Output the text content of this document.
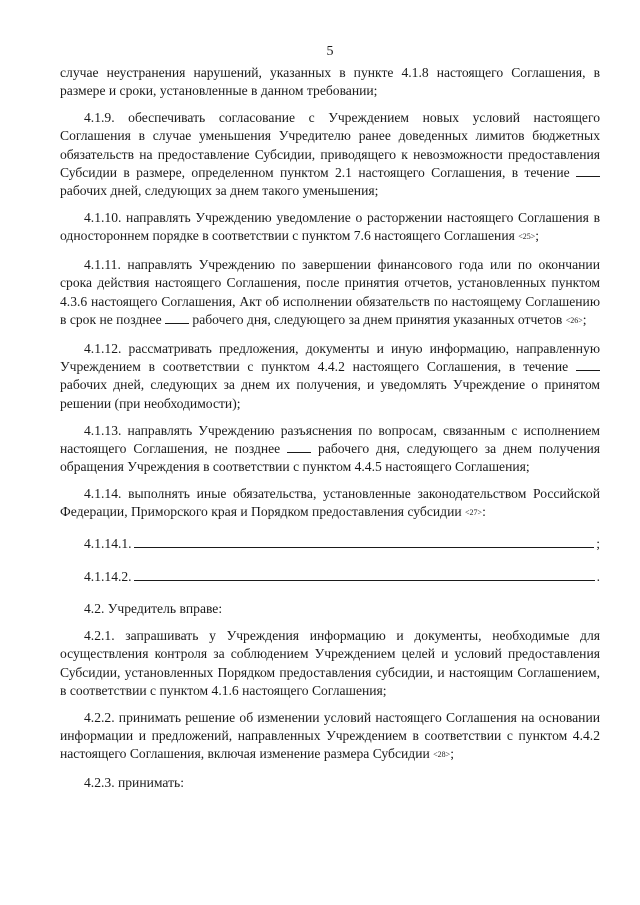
5

случае неустранения нарушений, указанных в пункте 4.1.8 настоящего Соглашения, в размере и сроки, установленные в данном требовании;

4.1.9. обеспечивать согласование с Учреждением новых условий настоящего Соглашения в случае уменьшения Учредителю ранее доведенных лимитов бюджетных обязательств на предоставление Субсидии, приводящего к невозможности предоставления Субсидии в размере, определенном пунктом 2.1 настоящего Соглашения, в течение  рабочих дней, следующих за днем такого уменьшения;

4.1.10. направлять Учреждению уведомление о расторжении настоящего Соглашения в одностороннем порядке в соответствии с пунктом 7.6 настоящего Соглашения <25>;

4.1.11. направлять Учреждению по завершении финансового года или по окончании срока действия настоящего Соглашения, после принятия отчетов, установленных пунктом 4.3.6 настоящего Соглашения, Акт об исполнении обязательств по настоящему Соглашению в срок не позднее рабочего дня, следующего за днем принятия указанных отчетов <26>;

4.1.12. рассматривать предложения, документы и иную информацию, направленную Учреждением в соответствии с пунктом 4.4.2 настоящего Соглашения, в течение  рабочих дней, следующих за днем их получения, и уведомлять Учреждение о принятом решении (при необходимости);

4.1.13. направлять Учреждению разъяснения по вопросам, связанным с исполнением настоящего Соглашения, не позднее	рабочего дня, следующего за днем получения обращения Учреждения в соответствии с пунктом 4.4.5 настоящего Соглашения;

4.1.14. выполнять иные обязательства, установленные законодательством Российской Федерации, Приморского края и Порядком предоставления субсидии <27>:

4.1.14.1.	;

4.1.14.2.	.

4.2. Учредитель вправе:

4.2.1. запрашивать у Учреждения информацию и документы, необходимые для осуществления контроля за соблюдением Учреждением целей и условий предоставления Субсидии, установленных Порядком предоставления субсидии, и настоящим Соглашением, в соответствии с пунктом 4.1.6 настоящего Соглашения;

4.2.2. принимать решение об изменении условий настоящего Соглашения на основании информации и предложений, направленных Учреждением в соответствии с пунктом 4.4.2 настоящего Соглашения, включая изменение размера Субсидии <28>;

4.2.3. принимать:
